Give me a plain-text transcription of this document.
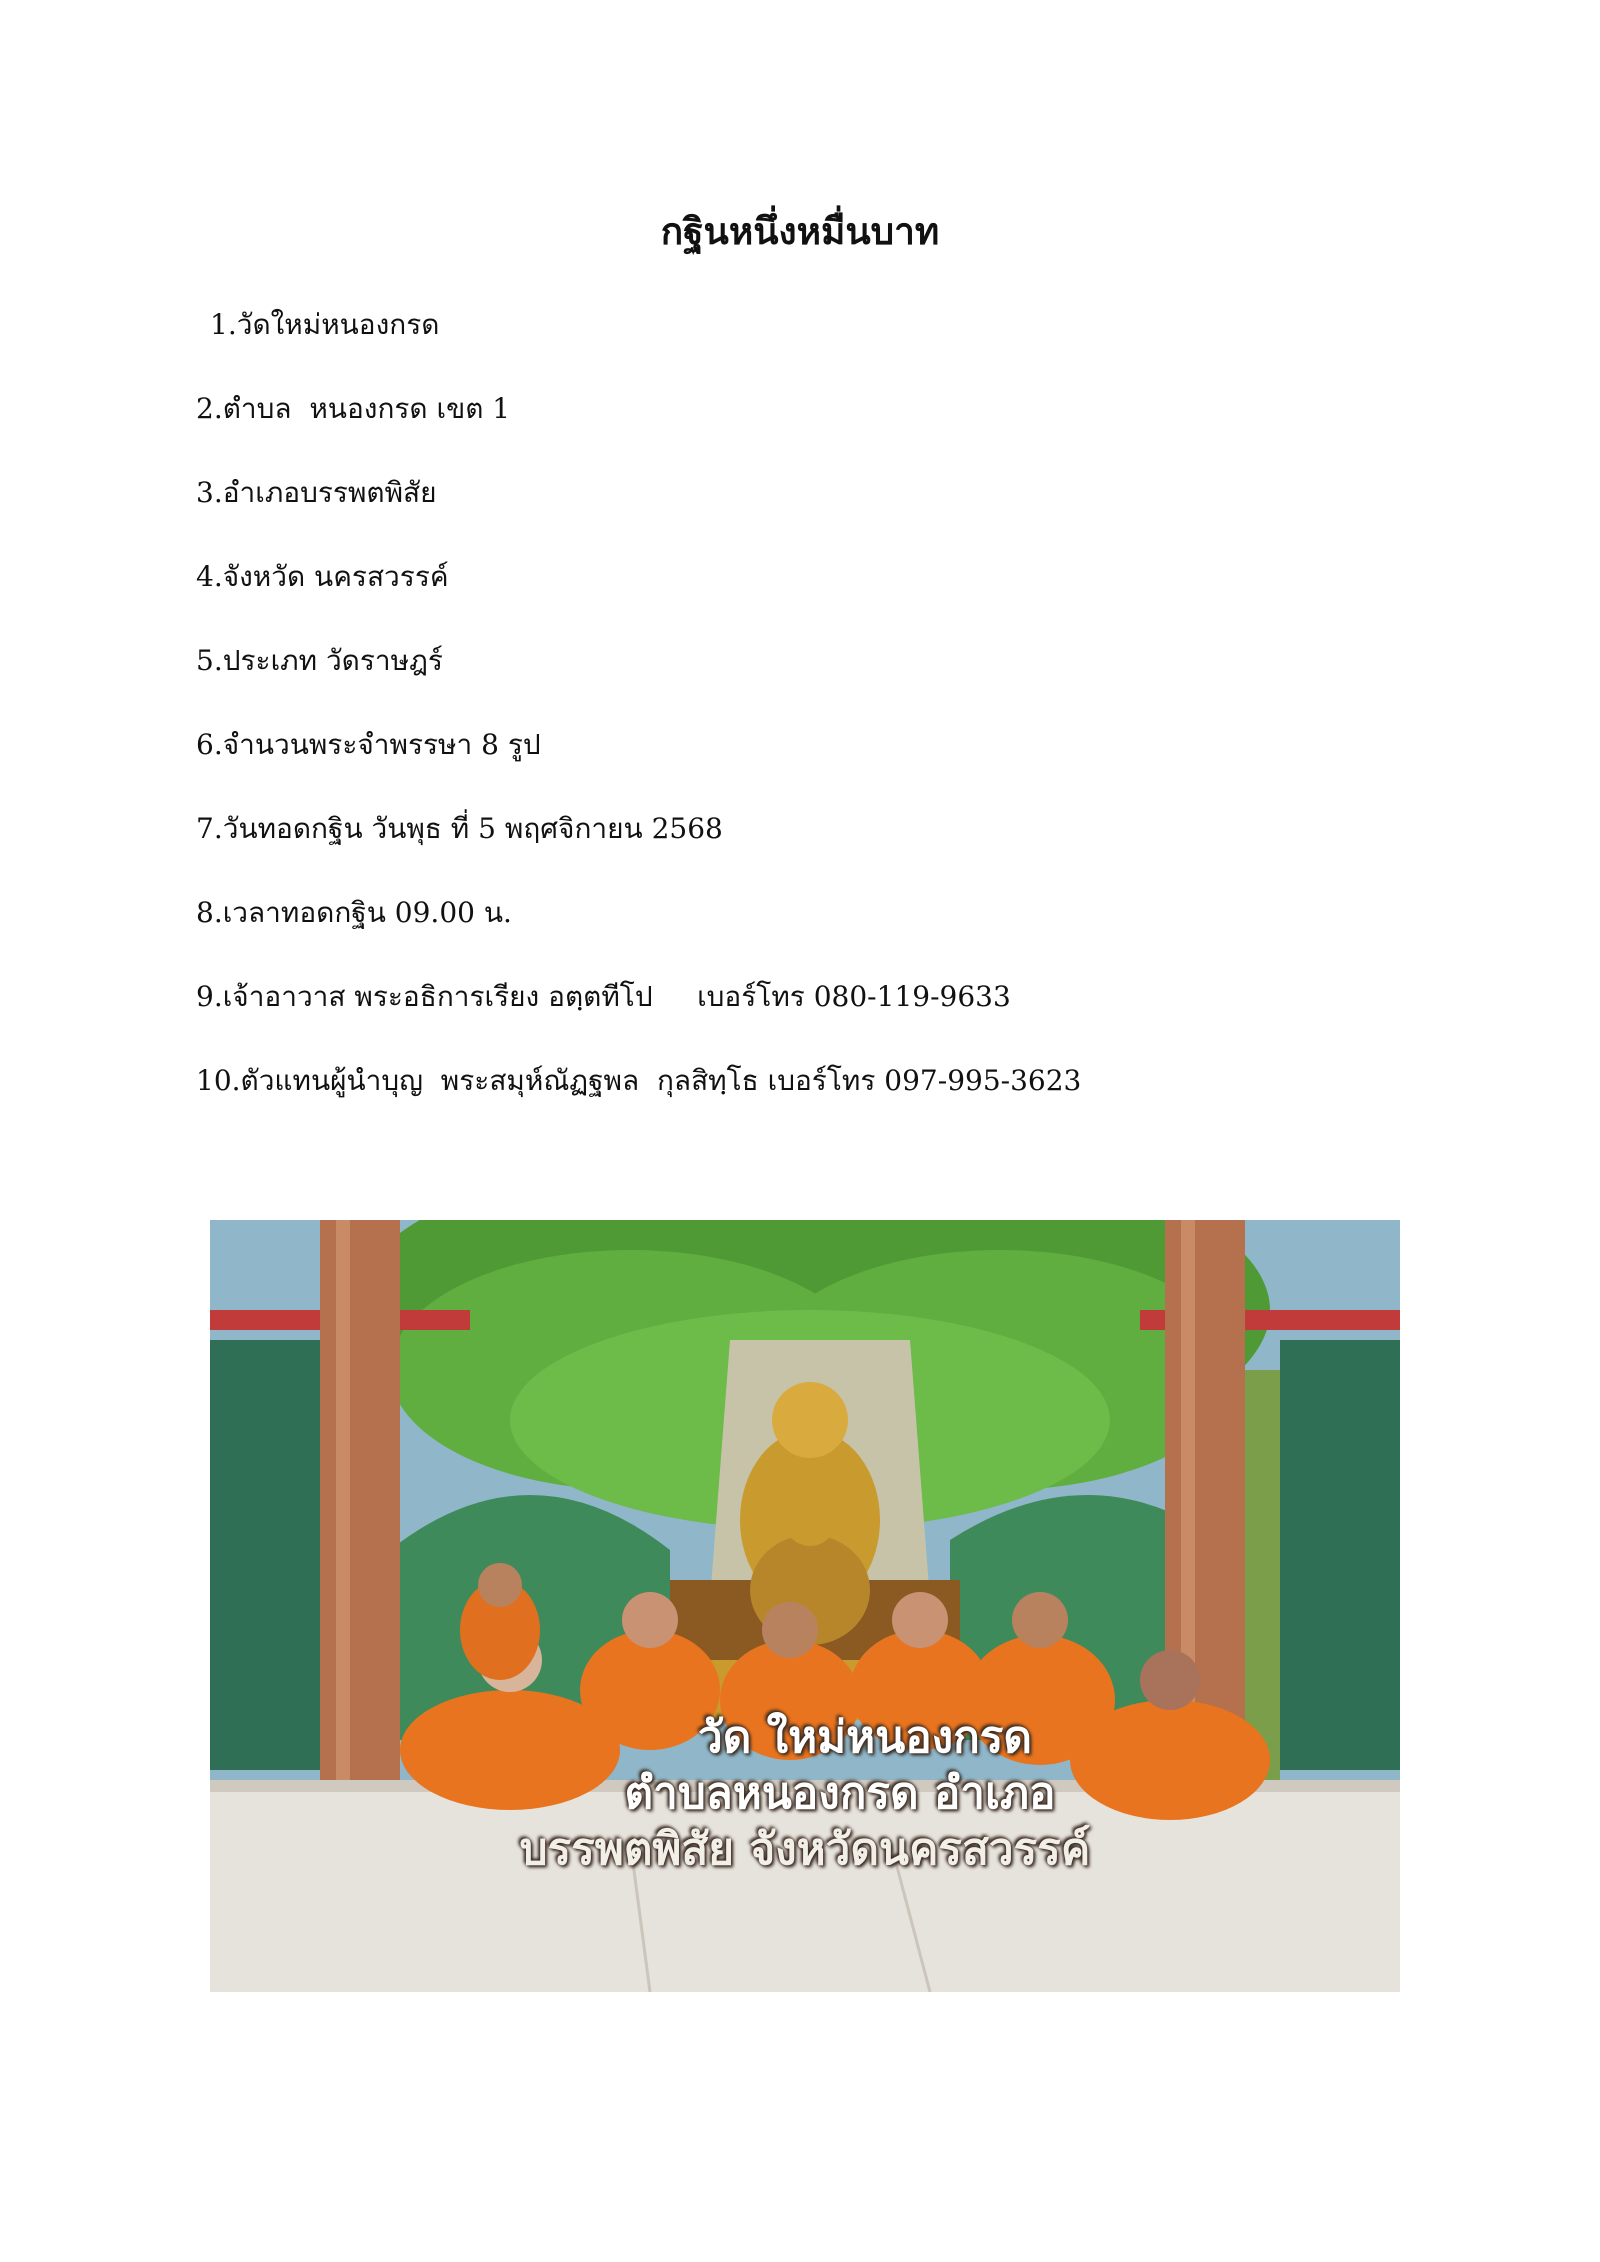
กฐินหนึ่งหมื่นบาท
1.วัดใหม่หนองกรด
2.ตำบล  หนองกรด เขต 1
3.อำเภอบรรพตพิสัย
4.จังหวัด นครสวรรค์
5.ประเภท วัดราษฎร์
6.จำนวนพระจำพรรษา 8 รูป
7.วันทอดกฐิน วันพุธ ที่ 5 พฤศจิกายน 2568
8.เวลาทอดกฐิน 09.00 น.
9.เจ้าอาวาส พระอธิการเรียง อตฺตทีโป     เบอร์โทร 080-119-9633
10.ตัวแทนผู้นำบุญ  พระสมุห์ณัฏฐพล  กุลสิทฺโธ เบอร์โทร 097-995-3623
วัด ใหม่หนองกรด
ตำบลหนองกรด อำเภอ
บรรพตพิสัย จังหวัดนครสวรรค์
